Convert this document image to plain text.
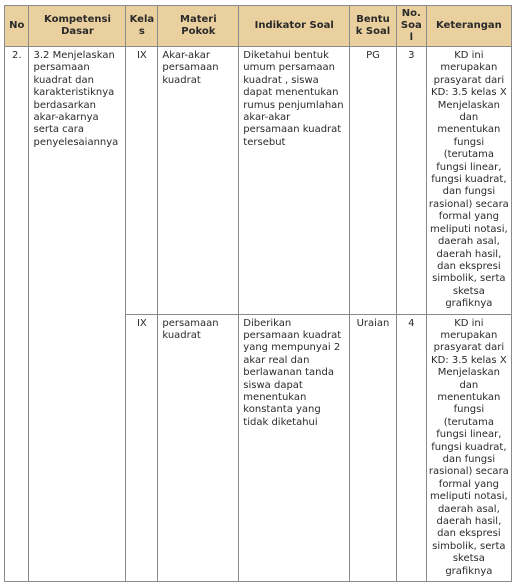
No	Kompetensi Dasar	Kelas	Materi Pokok	Indikator Soal	Bentuk Soal	No. Soal	Keterangan
2.	3.2 Menjelaskan persamaan kuadrat dan karakteristiknya berdasarkan akar-akarnya serta cara penyelesaiannya	IX	Akar-akar persamaan kuadrat	Diketahui bentuk umum persamaan kuadrat , siswa dapat menentukan rumus penjumlahan akar-akar persamaan kuadrat tersebut	PG	3	KD ini merupakan prasyarat dari KD: 3.5 kelas X Menjelaskan dan menentukan fungsi (terutama fungsi linear, fungsi kuadrat, dan fungsi rasional) secara formal yang meliputi notasi, daerah asal, daerah hasil, dan ekspresi simbolik, serta sketsa grafiknya
		IX	persamaan kuadrat	Diberikan persamaan kuadrat yang mempunyai 2 akar real dan berlawanan tanda siswa dapat menentukan konstanta yang tidak diketahui	Uraian	4	KD ini merupakan prasyarat dari KD: 3.5 kelas X Menjelaskan dan menentukan fungsi (terutama fungsi linear, fungsi kuadrat, dan fungsi rasional) secara formal yang meliputi notasi, daerah asal, daerah hasil, dan ekspresi simbolik, serta sketsa grafiknya
